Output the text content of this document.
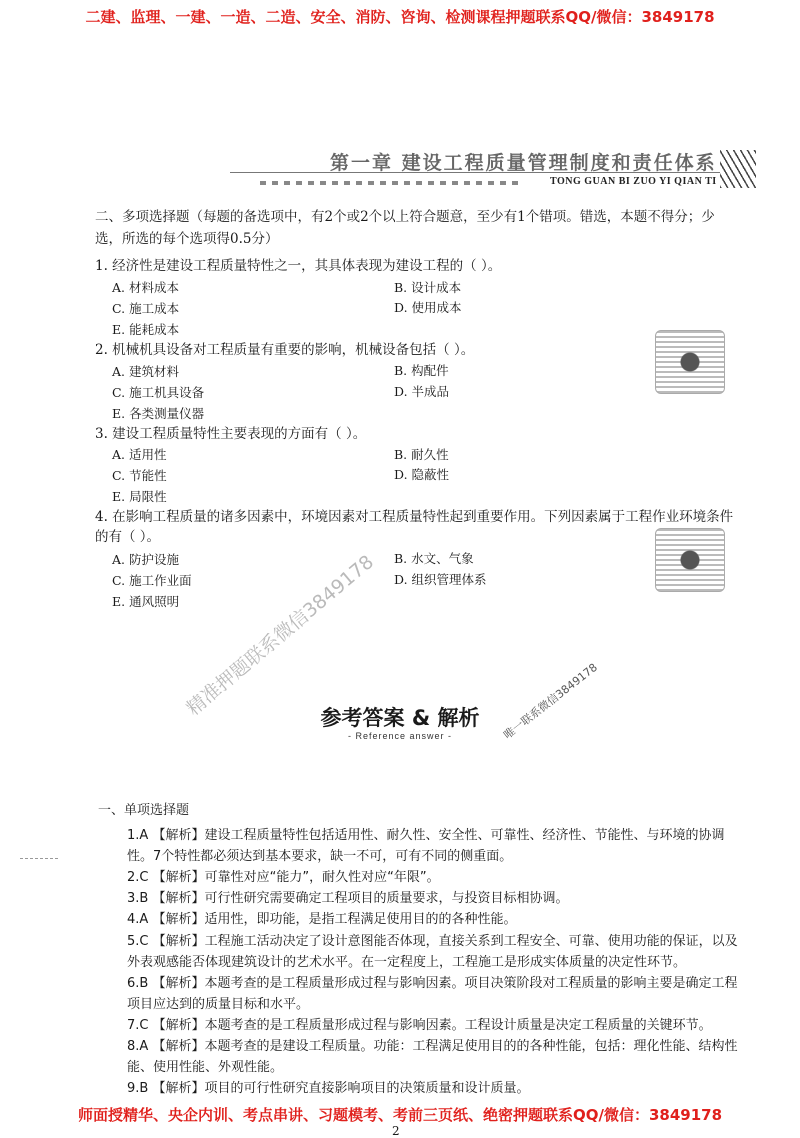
二建、监理、一建、一造、二造、安全、消防、咨询、检测课程押题联系QQ/微信：3849178
第一章 建设工程质量管理制度和责任体系
TONG GUAN BI ZUO YI QIAN TI
二、多项选择题（每题的备选项中，有2个或2个以上符合题意，至少有1个错项。错选，本题不得分；少选，所选的每个选项得0.5分）
1. 经济性是建设工程质量特性之一，其具体表现为建设工程的（ ）。
A. 材料成本	B. 设计成本
C. 施工成本	D. 使用成本
E. 能耗成本
2. 机械机具设备对工程质量有重要的影响，机械设备包括（ ）。
A. 建筑材料	B. 构配件
C. 施工机具设备	D. 半成品
E. 各类测量仪器
3. 建设工程质量特性主要表现的方面有（ ）。
A. 适用性	B. 耐久性
C. 节能性	D. 隐蔽性
E. 局限性
4. 在影响工程质量的诸多因素中，环境因素对工程质量特性起到重要作用。下列因素属于工程作业环境条件的有（ ）。
A. 防护设施	B. 水文、气象
C. 施工作业面	D. 组织管理体系
E. 通风照明
参考答案 & 解析
- Reference answer -
精准押题联系微信3849178	唯一联系微信3849178
一、单项选择题
1.A 【解析】建设工程质量特性包括适用性、耐久性、安全性、可靠性、经济性、节能性、与环境的协调性。7个特性都必须达到基本要求，缺一不可，可有不同的侧重面。
2.C 【解析】可靠性对应“能力”，耐久性对应“年限”。
3.B 【解析】可行性研究需要确定工程项目的质量要求，与投资目标相协调。
4.A 【解析】适用性，即功能，是指工程满足使用目的的各种性能。
5.C 【解析】工程施工活动决定了设计意图能否体现，直接关系到工程安全、可靠、使用功能的保证，以及外表观感能否体现建筑设计的艺术水平。在一定程度上，工程施工是形成实体质量的决定性环节。
6.B 【解析】本题考查的是工程质量形成过程与影响因素。项目决策阶段对工程质量的影响主要是确定工程项目应达到的质量目标和水平。
7.C 【解析】本题考查的是工程质量形成过程与影响因素。工程设计质量是决定工程质量的关键环节。
8.A 【解析】本题考查的是建设工程质量。功能：工程满足使用目的的各种性能，包括：理化性能、结构性能、使用性能、外观性能。
9.B 【解析】项目的可行性研究直接影响项目的决策质量和设计质量。
师面授精华、央企内训、考点串讲、习题模考、考前三页纸、绝密押题联系QQ/微信：3849178
2
